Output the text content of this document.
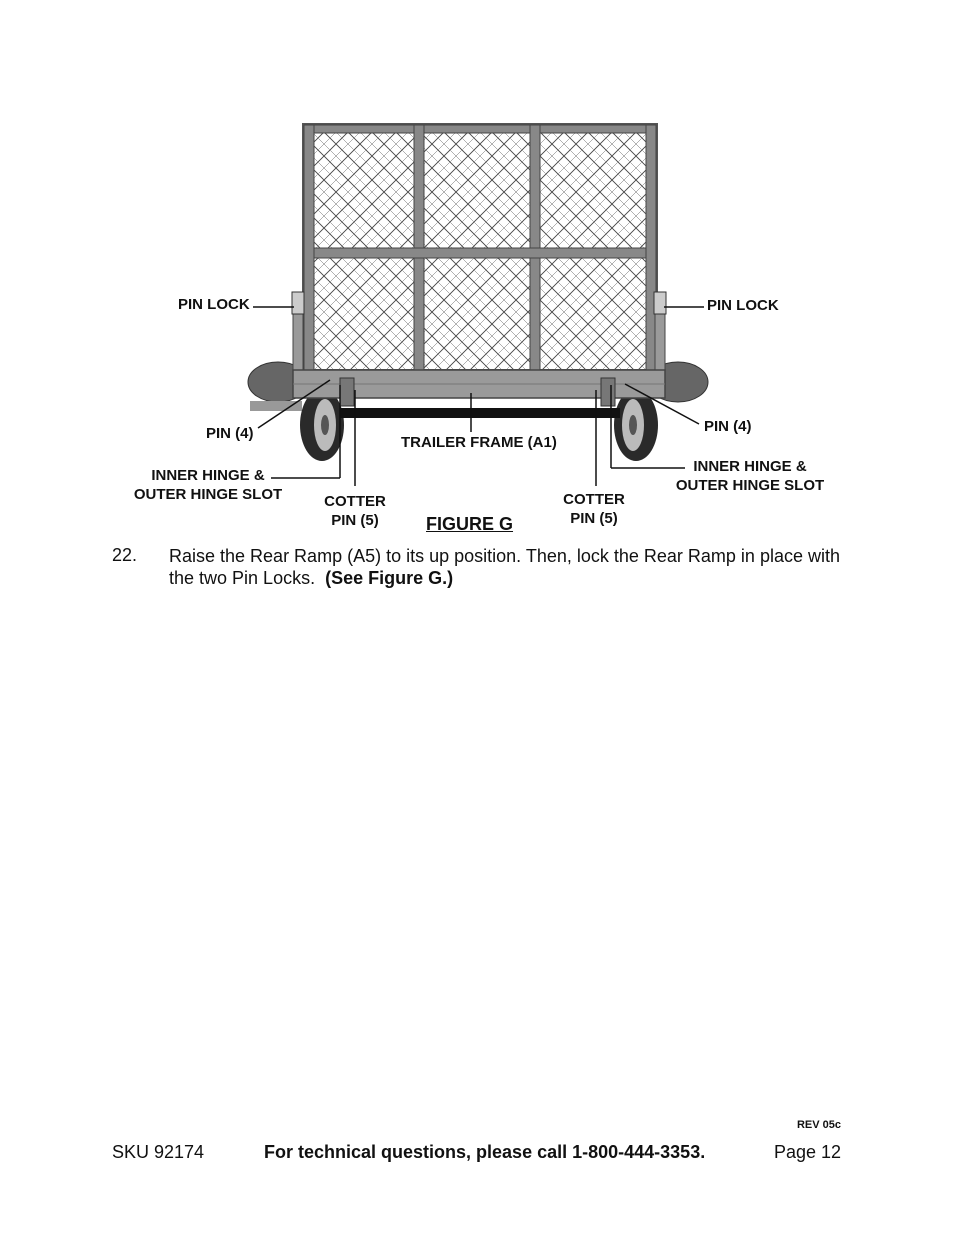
PIN LOCK	PIN LOCK
PIN (4)	PIN (4)
TRAILER FRAME (A1)
INNER HINGE &
OUTER HINGE SLOT
INNER HINGE &
OUTER HINGE SLOT
COTTER
PIN (5)
COTTER
PIN (5)
FIGURE G
22. Raise the Rear Ramp (A5) to its up position. Then, lock the Rear Ramp in place with the two Pin Locks. (See Figure G.)
REV 05c
SKU 92174	For technical questions, please call 1-800-444-3353.	Page 12
